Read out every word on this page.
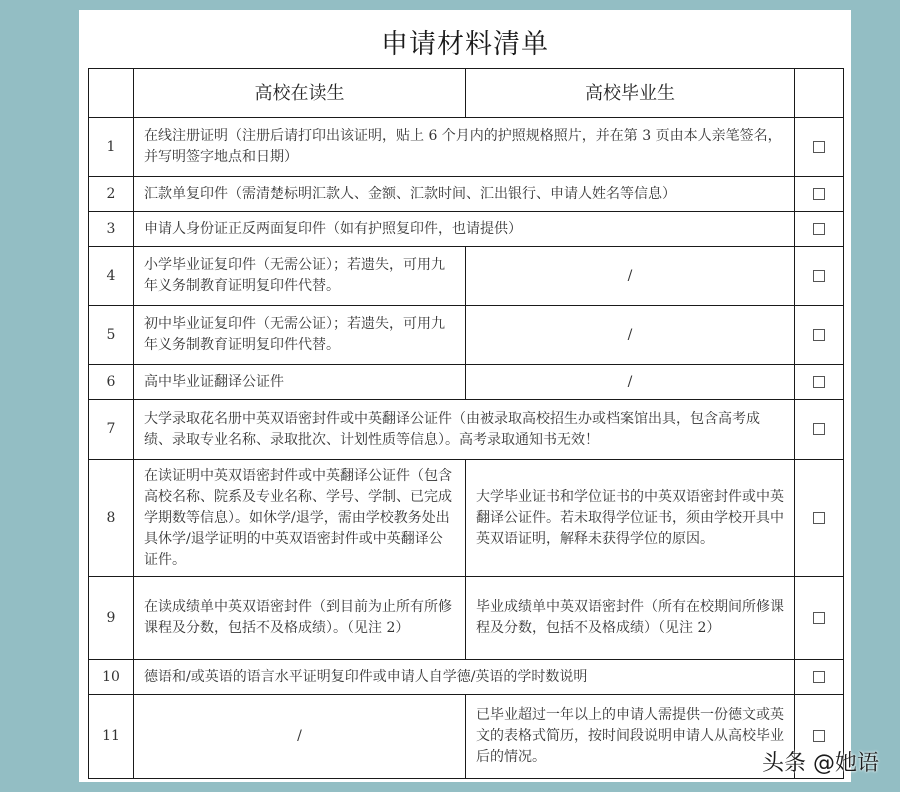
申请材料清单
	高校在读生	高校毕业生	
1	在线注册证明（注册后请打印出该证明，贴上 6 个月内的护照规格照片，并在第 3 页由本人亲笔签名，并写明签字地点和日期）		
2	汇款单复印件（需清楚标明汇款人、金额、汇款时间、汇出银行、申请人姓名等信息）		
3	申请人身份证正反两面复印件（如有护照复印件，也请提供）		
4	小学毕业证复印件（无需公证）；若遗失，可用九年义务制教育证明复印件代替。	/	
5	初中毕业证复印件（无需公证）；若遗失，可用九年义务制教育证明复印件代替。	/	
6	高中毕业证翻译公证件	/	
7	大学录取花名册中英双语密封件或中英翻译公证件（由被录取高校招生办或档案馆出具，包含高考成绩、录取专业名称、录取批次、计划性质等信息）。高考录取通知书无效！		
8	在读证明中英双语密封件或中英翻译公证件（包含高校名称、院系及专业名称、学号、学制、已完成学期数等信息）。如休学/退学，需由学校教务处出具休学/退学证明的中英双语密封件或中英翻译公证件。	大学毕业证书和学位证书的中英双语密封件或中英翻译公证件。若未取得学位证书，须由学校开具中英双语证明，解释未获得学位的原因。	
9	在读成绩单中英双语密封件（到目前为止所有所修课程及分数，包括不及格成绩）。（见注 2）	毕业成绩单中英双语密封件（所有在校期间所修课程及分数，包括不及格成绩）（见注 2）	
10	德语和/或英语的语言水平证明复印件或申请人自学德/英语的学时数说明		
11	/	已毕业超过一年以上的申请人需提供一份德文或英文的表格式简历，按时间段说明申请人从高校毕业后的情况。		头条 @她语
